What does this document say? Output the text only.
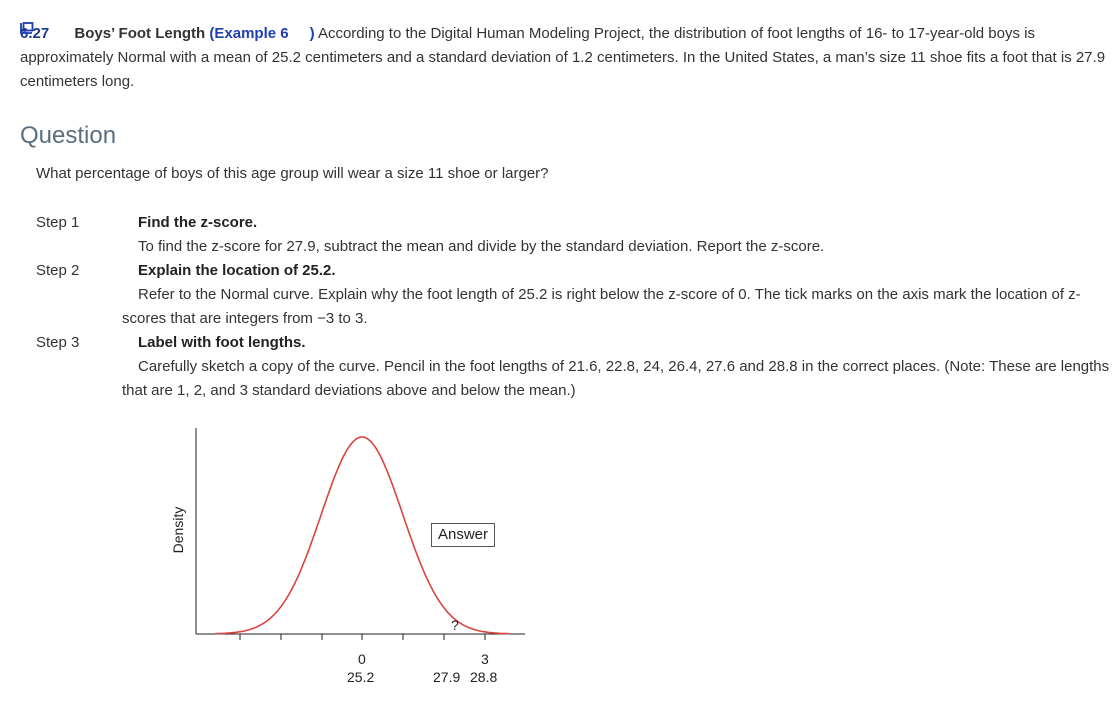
6.27 Boys’ Foot Length (Example 6 ) According to the Digital Human Modeling Project, the distribution of foot lengths of 16- to 17-year-old boys is approximately Normal with a mean of 25.2 centimeters and a standard deviation of 1.2 centimeters. In the United States, a man’s size 11 shoe fits a foot that is 27.9 centimeters long.
Question
What percentage of boys of this age group will wear a size 11 shoe or larger?
Step 1	Find the z-score.
To find the z-score for 27.9, subtract the mean and divide by the standard deviation. Report the z-score.
Step 2	Explain the location of 25.2.
Refer to the Normal curve. Explain why the foot length of 25.2 is right below the z-score of 0. The tick marks on the axis mark the location of z-scores that are integers from −3 to 3.
Step 3	Label with foot lengths.
Carefully sketch a copy of the curve. Pencil in the foot lengths of 21.6, 22.8, 24, 26.4, 27.6 and 28.8 in the correct places. (Note: These are lengths that are 1, 2, and 3 standard deviations above and below the mean.)
Density	Answer
?
0	3
25.2	27.9 28.8
